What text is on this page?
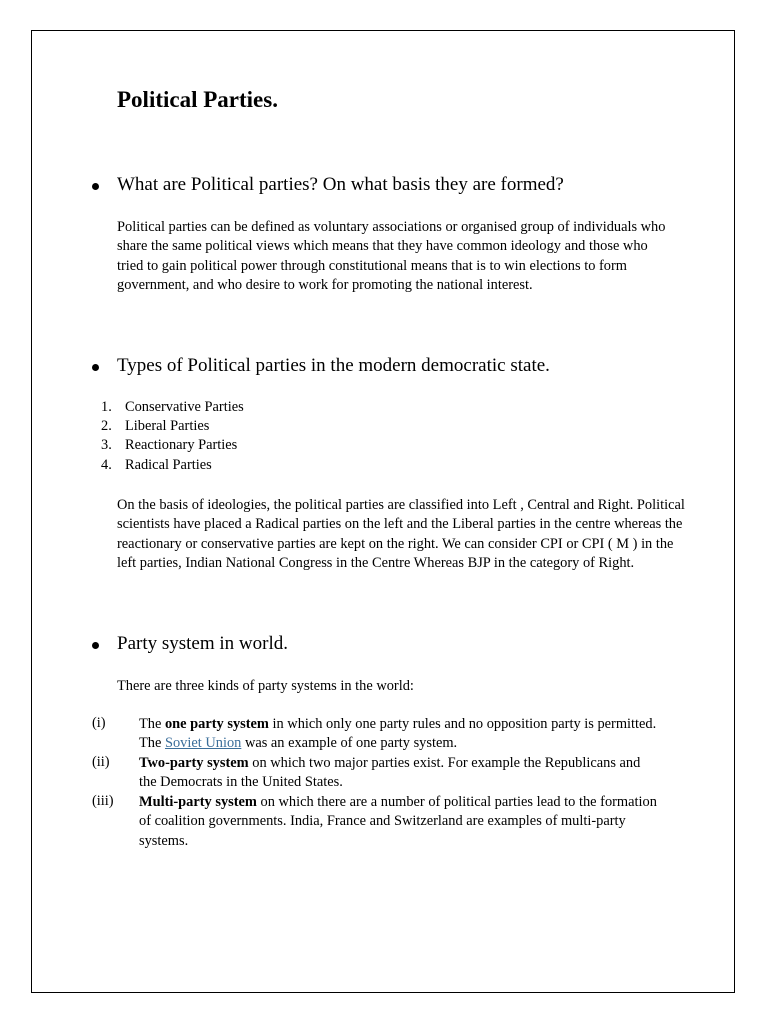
Political Parties.
What are Political parties? On what basis they are formed?
Political parties can be defined as voluntary associations or organised group of individuals who share the same political views which means that they have common ideology and those who tried to gain political power through constitutional means that is to win elections to form government, and who desire to work for promoting the national interest.
Types of Political parties in the modern democratic state.
1. Conservative Parties
2. Liberal Parties
3. Reactionary Parties
4. Radical Parties
On the basis of ideologies, the political parties are classified into Left , Central and Right. Political scientists have placed a Radical parties on the left and the Liberal parties in the centre whereas the reactionary or conservative parties are kept on the right. We can consider CPI or CPI ( M ) in the left parties, Indian National Congress in the Centre Whereas BJP in the category of Right.
Party system in world.
There are three kinds of party systems in the world:
(i) The one party system in which only one party rules and no opposition party is permitted. The Soviet Union was an example of one party system.
(ii) Two-party system on which two major parties exist. For example the Republicans and the Democrats in the United States.
(iii) Multi-party system on which there are a number of political parties lead to the formation of coalition governments. India, France and Switzerland are examples of multi-party systems.
